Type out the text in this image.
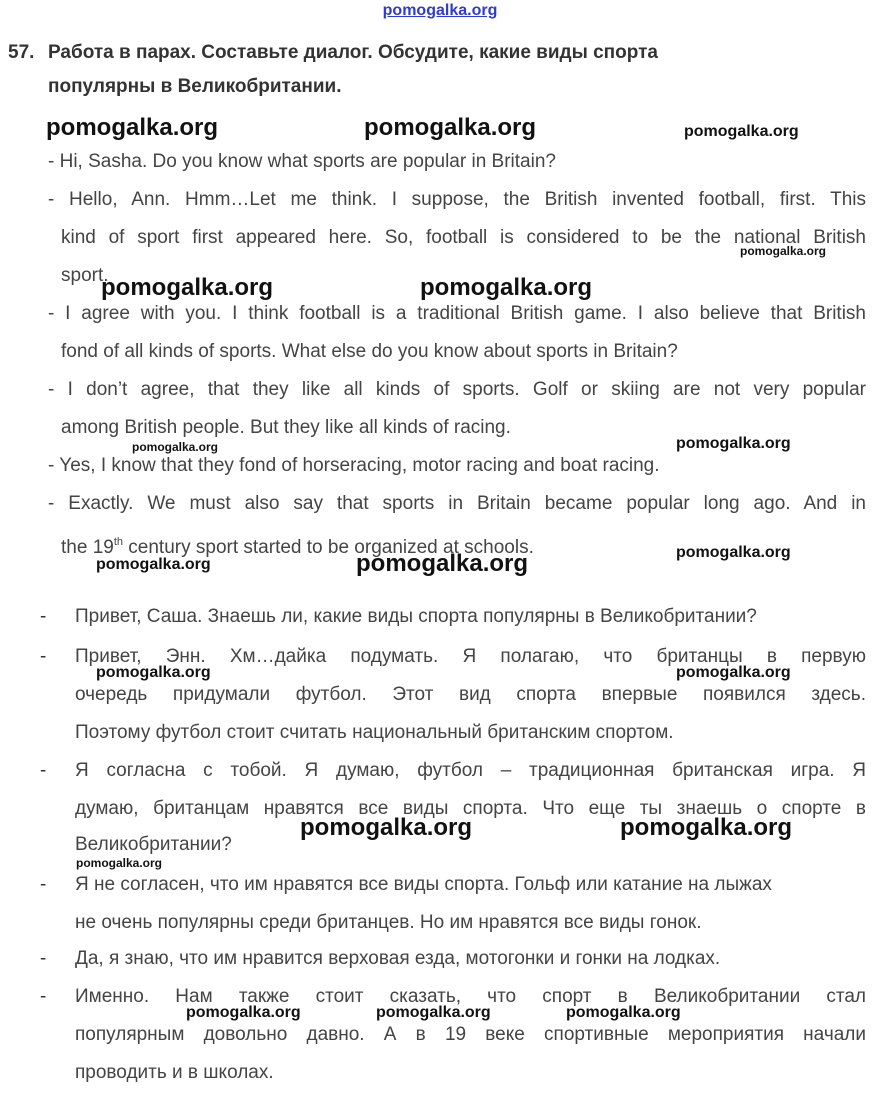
pomogalka.org
57. Работа в парах. Составьте диалог. Обсудите, какие виды спорта
популярны в Великобритании.
- Hi, Sasha. Do you know what sports are popular in Britain?
- Hello, Ann. Hmm…Let me think. I suppose, the British invented football, first. This
kind of sport first appeared here. So, football is considered to be the national British
sport.
- I agree with you. I think football is a traditional British game. I also believe that British
fond of all kinds of sports. What else do you know about sports in Britain?
- I don’t agree, that they like all kinds of sports. Golf or skiing are not very popular
among British people. But they like all kinds of racing.
- Yes, I know that they fond of horseracing, motor racing and boat racing.
- Exactly. We must also say that sports in Britain became popular long ago. And in
the 19th century sport started to be organized at schools.
-
-
-
-
-
-
Привет, Саша. Знаешь ли, какие виды спорта популярны в Великобритании?
Привет, Энн. Хм…дайка подумать. Я полагаю, что британцы в первую
очередь придумали футбол. Этот вид спорта впервые появился здесь.
Поэтому футбол стоит считать национальный британским спортом.
Я согласна с тобой. Я думаю, футбол – традиционная британская игра. Я
думаю, британцам нравятся все виды спорта. Что еще ты знаешь о спорте в
Великобритании?
Я не согласен, что им нравятся все виды спорта. Гольф или катание на лыжах
не очень популярны среди британцев. Но им нравятся все виды гонок.
Да, я знаю, что им нравится верховая езда, мотогонки и гонки на лодках.
Именно. Нам также стоит сказать, что спорт в Великобритании стал
популярным довольно давно. А в 19 веке спортивные мероприятия начали
проводить и в школах.
pomogalka.org	pomogalka.org	pomogalka.org
pomogalka.org
pomogalka.org	pomogalka.org
pomogalka.org	pomogalka.org
pomogalka.org	pomogalka.org	pomogalka.org
pomogalka.org	pomogalka.org
pomogalka.org	pomogalka.org
pomogalka.org
pomogalka.org	pomogalka.org	pomogalka.org
